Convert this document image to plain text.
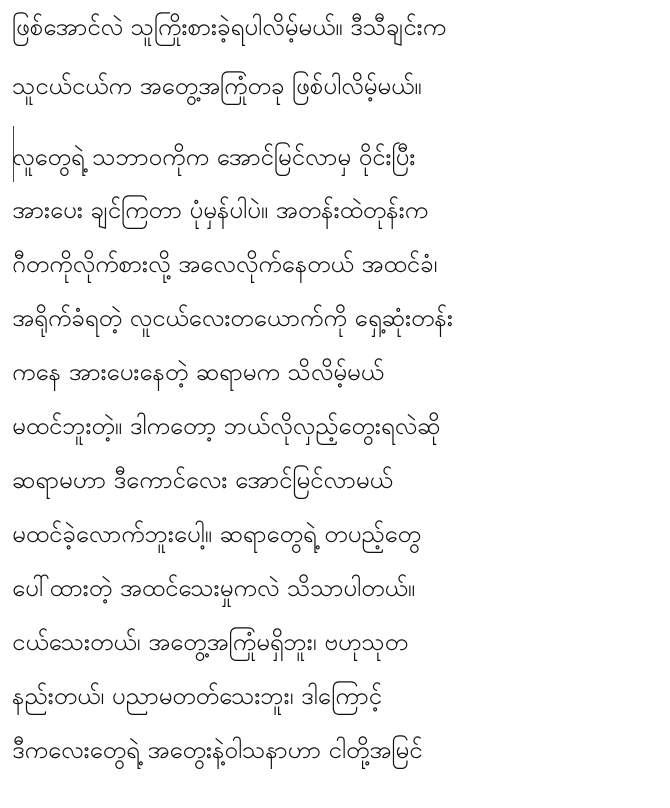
ဖြစ်အောင်လဲ သူကြိုးစားခဲ့ရပါလိမ့်မယ်။ ဒီသီချင်းက
သူငယ်ငယ်က အတွေ့အကြုံတခု ဖြစ်ပါလိမ့်မယ်။
လူတွေရဲ့ သဘာဝကိုက အောင်မြင်လာမှ ဝိုင်းပြီး
အားပေး ချင်ကြတာ ပုံမှန်ပါပဲ။ အတန်းထဲတုန်းက
ဂီတကိုလိုက်စားလို့ အလေလိုက်နေတယ် အထင်ခံ၊
အရိုက်ခံရတဲ့ လူငယ်လေးတယောက်ကို ရှေ့ဆုံးတန်း
ကနေ အားပေးနေတဲ့ ဆရာမက သိလိမ့်မယ်
မထင်ဘူးတဲ့။ ဒါကတော့ ဘယ်လိုလှည့်တွေးရလဲဆို
ဆရာမဟာ ဒီကောင်လေး အောင်မြင်လာမယ်
မထင်ခဲ့လောက်ဘူးပေါ့။ ဆရာတွေရဲ့ တပည့်တွေ
ပေါ်ထားတဲ့ အထင်သေးမှုကလဲ သိသာပါတယ်။
ငယ်သေးတယ်၊ အတွေ့အကြုံမရှိဘူး၊ ဗဟုသုတ
နည်းတယ်၊ ပညာမတတ်သေးဘူး၊ ဒါကြောင့်
ဒီကလေးတွေရဲ့ အတွေးနဲ့ဝါသနာဟာ ငါတို့အမြင်
